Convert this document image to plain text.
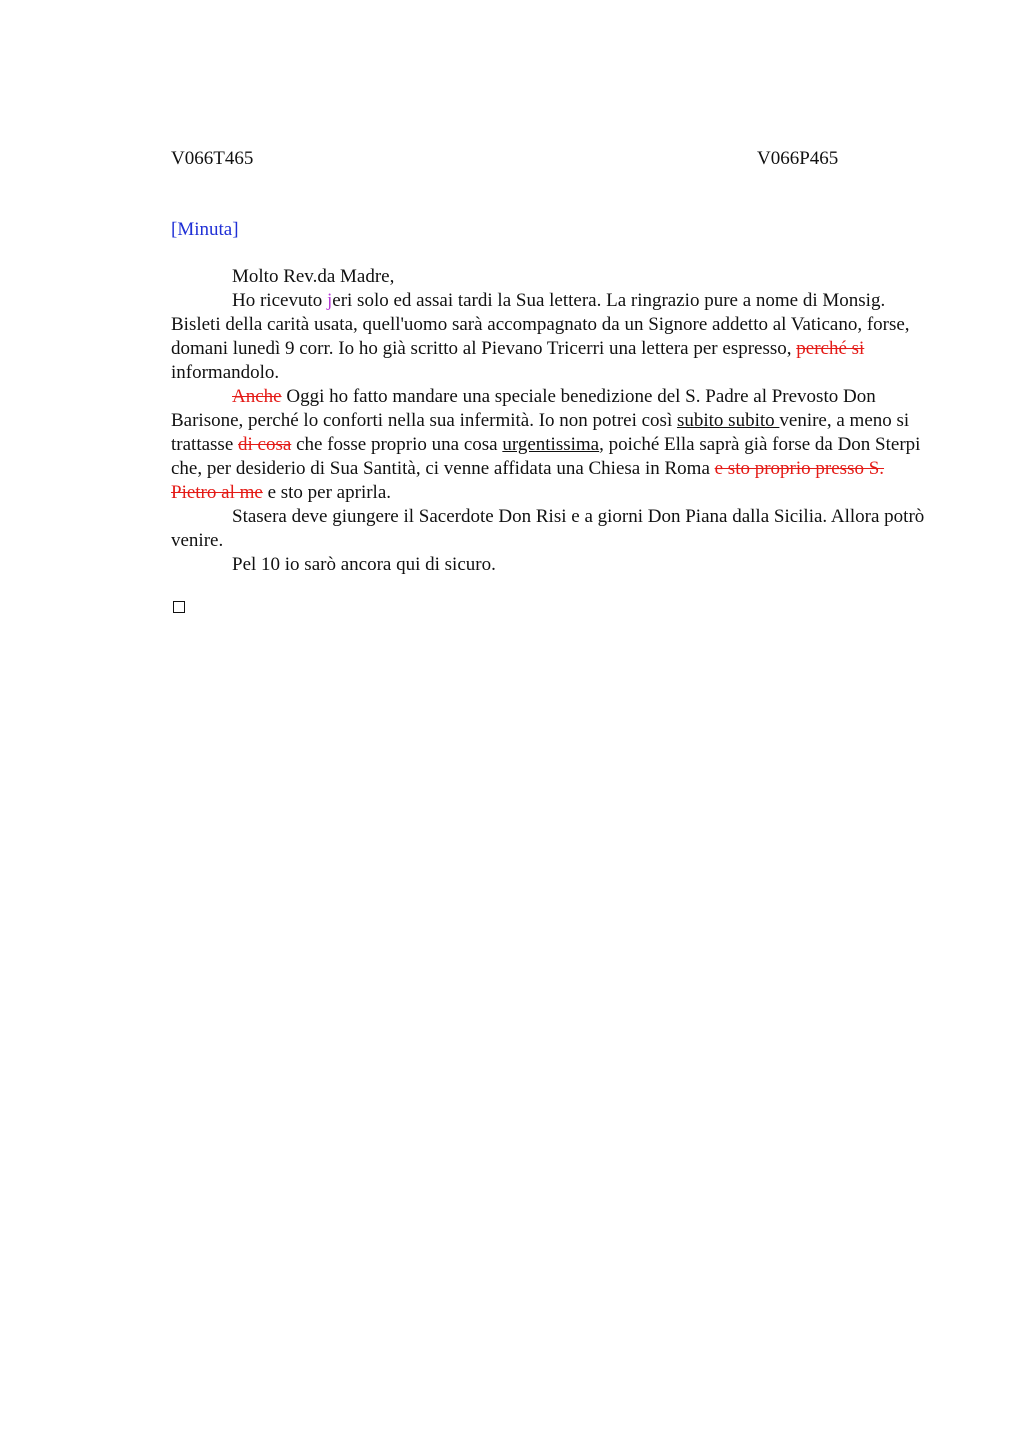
V066T465	V066P465
[Minuta]

Molto Rev.da Madre,

Ho ricevuto jeri solo ed assai tardi la Sua lettera. La ringrazio pure a nome di Monsig. Bisleti della carità usata, quell'uomo sarà accompagnato da un Signore addetto al Vaticano, forse, domani lunedì 9 corr. Io ho già scritto al Pievano Tricerri una lettera per espresso, perché si informandolo.

Anche Oggi ho fatto mandare una speciale benedizione del S. Padre al Prevosto Don Barisone, perché lo conforti nella sua infermità. Io non potrei così subito subito venire, a meno si trattasse di cosa che fosse proprio una cosa urgentissima, poiché Ella saprà già forse da Don Sterpi che, per desiderio di Sua Santità, ci venne affidata una Chiesa in Roma e sto proprio presso S. Pietro al me e sto per aprirla.

Stasera deve giungere il Sacerdote Don Risi e a giorni Don Piana dalla Sicilia. Allora potrò venire.

Pel 10 io sarò ancora qui di sicuro.
